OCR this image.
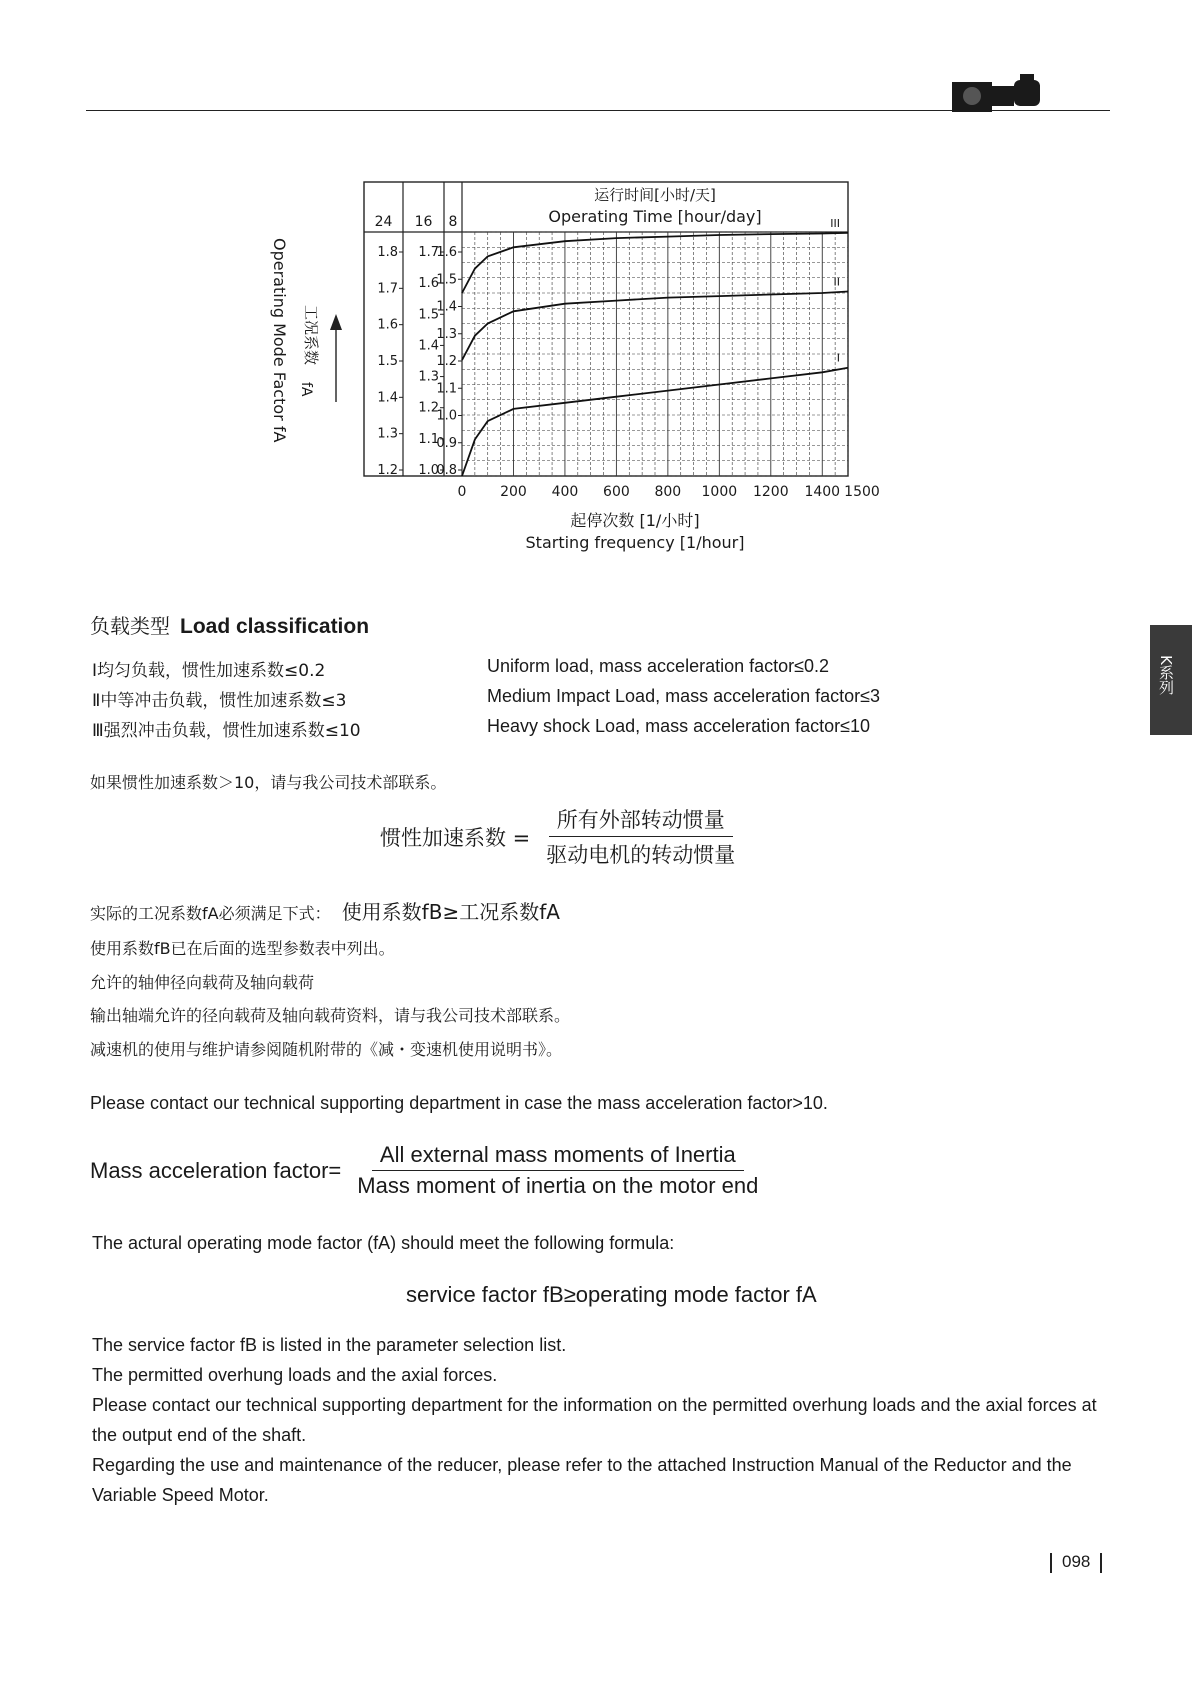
K系列
运行时间[小时/天]
Operating Time [hour/day]
24
1.8
1.7
1.6
1.5
1.4
1.3
1.2
16
1.7
1.6
1.5
1.4
1.3
1.2
1.1
1.0
8
1.6
1.5
1.4
1.3
1.2
1.1
1.0
0.9
0.8
0 200 400 600 800 1000 1200 1400 1500
起停次数 [1/小时]
Starting frequency [1/hour]
工况系数
fA
Operating Mode Factor fA
III
II
I
负载类型 Load classification
Ⅰ均匀负载，惯性加速系数≤0.2
Ⅱ中等冲击负载，惯性加速系数≤3
Ⅲ强烈冲击负载，惯性加速系数≤10
Uniform load, mass acceleration factor≤0.2
Medium Impact Load, mass acceleration factor≤3
Heavy shock Load, mass acceleration factor≤10
如果惯性加速系数＞10，请与我公司技术部联系。
惯性加速系数 = $\frac{\text{所有外部转动惯量}}{\text{驱动电机的转动惯量}}$
实际的工况系数fA必须满足下式： 使用系数fB≥工况系数fA
使用系数fB已在后面的选型参数表中列出。
允许的轴伸径向载荷及轴向载荷
输出轴端允许的径向载荷及轴向载荷资料，请与我公司技术部联系。
减速机的使用与维护请参阅随机附带的《减・变速机使用说明书》。
Please contact our technical supporting department in case the mass acceleration factor>10.
Mass acceleration factor= $\frac{\text{All external mass moments of Inertia}}{\text{Mass moment of inertia on the motor end}}$
The actural operating mode factor (fA) should meet the following formula:
service factor fB≥operating mode factor fA
The service factor fB is listed in the parameter selection list.
The permitted overhung loads and the axial forces.
Please contact our technical supporting department for the information on the permitted overhung loads and the axial forces at the output end of the shaft.
Regarding the use and maintenance of the reducer, please refer to the attached Instruction Manual of the Reductor and the Variable Speed Motor.
098
